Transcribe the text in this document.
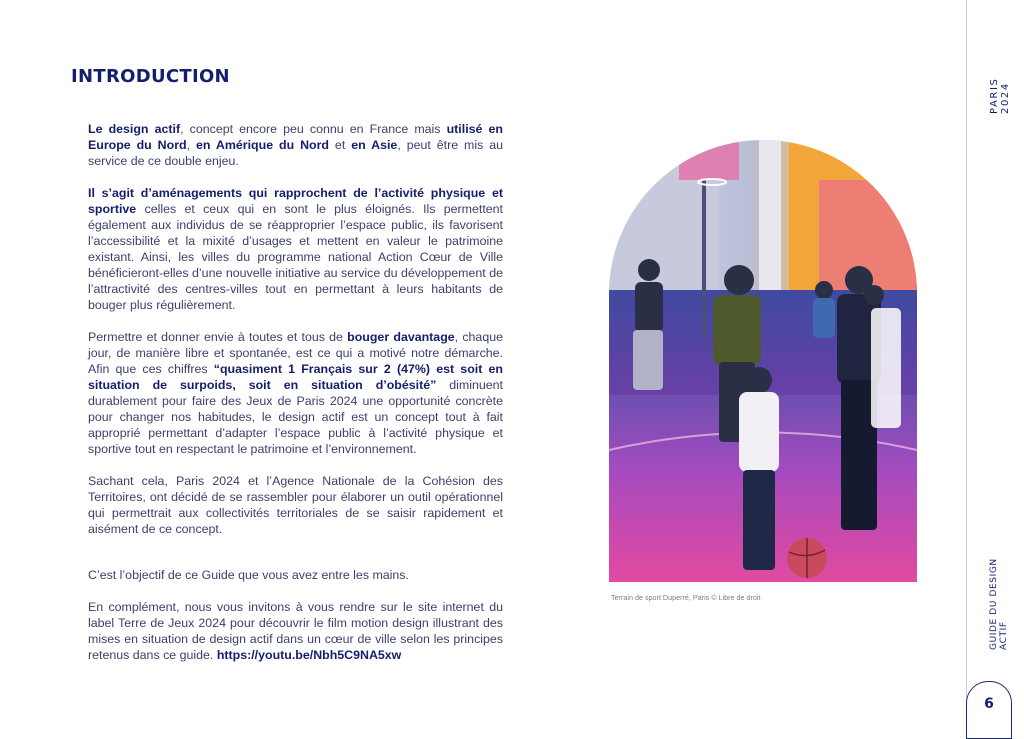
INTRODUCTION

Le design actif, concept encore peu connu en France mais utilisé en Europe du Nord, en Amérique du Nord et en Asie, peut être mis au service de ce double enjeu.

Il s’agit d’aménagements qui rapprochent de l’activité physique et sportive celles et ceux qui en sont le plus éloignés. Ils permettent également aux individus de se réapproprier l’espace public, ils favorisent l’accessibilité et la mixité d’usages et mettent en valeur le patrimoine existant. Ainsi, les villes du programme national Action Cœur de Ville bénéficieront-elles d’une nouvelle initiative au service du développement de l’attractivité des centres-villes tout en permettant à leurs habitants de bouger plus régulièrement.

Permettre et donner envie à toutes et tous de bouger davantage, chaque jour, de manière libre et spontanée, est ce qui a motivé notre démarche. Afin que ces chiffres “quasiment 1 Français sur 2 (47%) est soit en situation de surpoids, soit en situation d’obésité” diminuent durablement pour faire des Jeux de Paris 2024 une opportunité concrète pour changer nos habitudes, le design actif est un concept tout à fait approprié permettant d’adapter l’espace public à l’activité physique et sportive tout en respectant le patrimoine et l’environnement.

Sachant cela, Paris 2024 et l’Agence Nationale de la Cohésion des Territoires, ont décidé de se rassembler pour élaborer un outil opérationnel qui permettrait aux collectivités territoriales de se saisir rapidement et aisément de ce concept.

C’est l’objectif de ce Guide que vous avez entre les mains.

En complément, nous vous invitons à vous rendre sur le site internet du label Terre de Jeux 2024 pour découvrir le film motion design illustrant des mises en situation de design actif dans un cœur de ville selon les principes retenus dans ce guide. https://youtu.be/Nbh5C9NA5xw

Terrain de sport Duperré, Paris © Libre de droit
PARIS 2024
GUIDE DU DESIGN ACTIF
6
